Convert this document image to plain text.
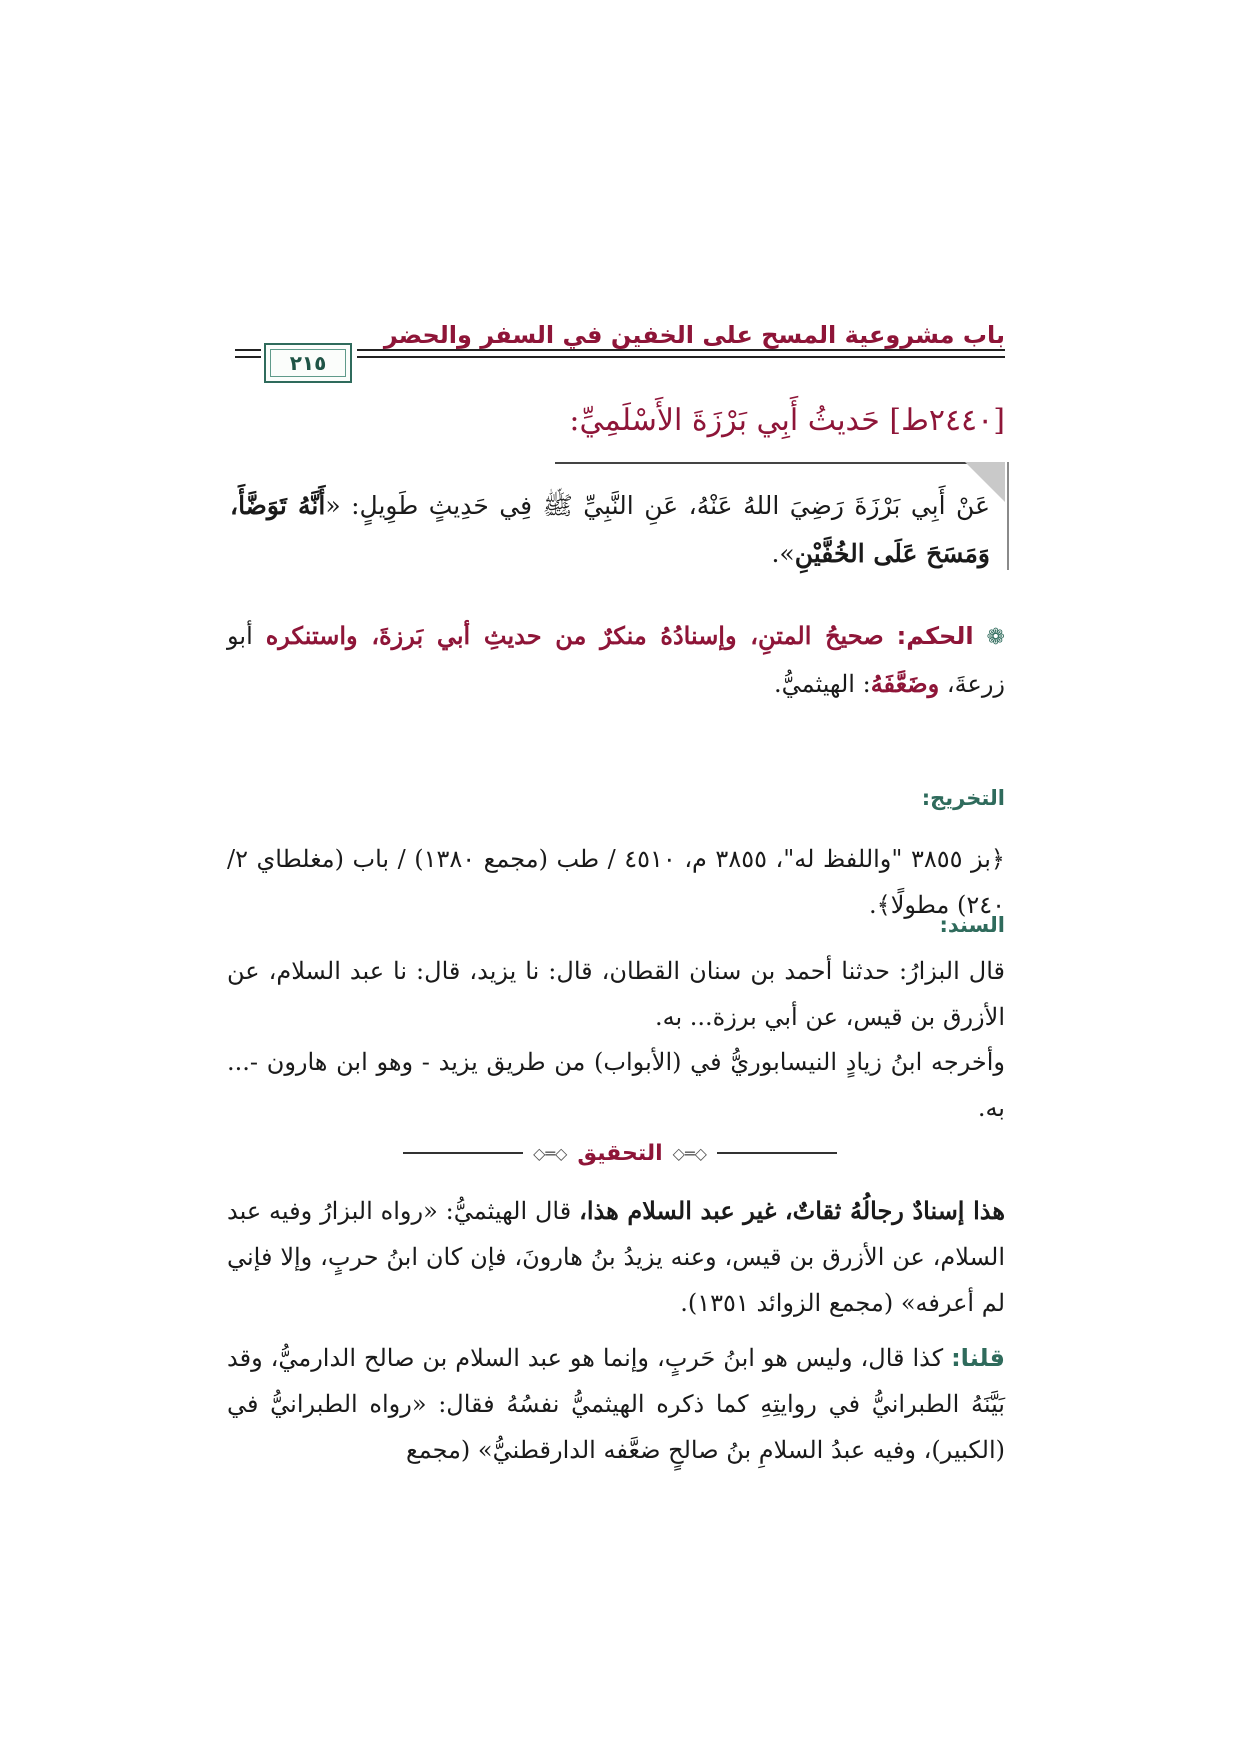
باب مشروعية المسح على الخفين في السفر والحضر
٢١٥
[٢٤٤٠ط] حَديثُ أَبِي بَرْزَةَ الأَسْلَمِيِّ:
عَنْ أَبِي بَرْزَةَ رَضِيَ اللهُ عَنْهُ، عَنِ النَّبِيِّ ﷺ فِي حَدِيثٍ طَوِيلٍ: «أَنَّهُ تَوَضَّأَ، وَمَسَحَ عَلَى الخُفَّيْنِ».
❁ الحكم: صحيحُ المتنِ، وإسنادُهُ منكرٌ من حديثِ أبي بَرزةَ، واستنكره أبو زرعةَ، وضَعَّفَهُ: الهيثميُّ.
التخريج:
﴿بز ٣٨٥٥ "واللفظ له"، ٣٨٥٥ م، ٤٥١٠ / طب (مجمع ١٣٨٠) / باب (مغلطاي ٢/ ٢٤٠) مطولًا﴾.
السند:
قال البزارُ: حدثنا أحمد بن سنان القطان، قال: نا يزيد، قال: نا عبد السلام، عن الأزرق بن قيس، عن أبي برزة... به.
وأخرجه ابنُ زيادٍ النيسابوريُّ في (الأبواب) من طريق يزيد - وهو ابن هارون -... به.
◇═◇
التحقيق
◇═◇
هذا إسنادٌ رجالُهُ ثقاتٌ، غير عبد السلام هذا، قال الهيثميُّ: «رواه البزارُ وفيه عبد السلام، عن الأزرق بن قيس، وعنه يزيدُ بنُ هارونَ، فإن كان ابنُ حربٍ، وإلا فإني لم أعرفه» (مجمع الزوائد ١٣٥١).
قلنا: كذا قال، وليس هو ابنُ حَربٍ، وإنما هو عبد السلام بن صالح الدارميُّ، وقد بَيَّنَهُ الطبرانيُّ في روايتِهِ كما ذكره الهيثميُّ نفسُهُ فقال: «رواه الطبرانيُّ في (الكبير)، وفيه عبدُ السلامِ بنُ صالحٍ ضعَّفه الدارقطنيُّ» (مجمع
